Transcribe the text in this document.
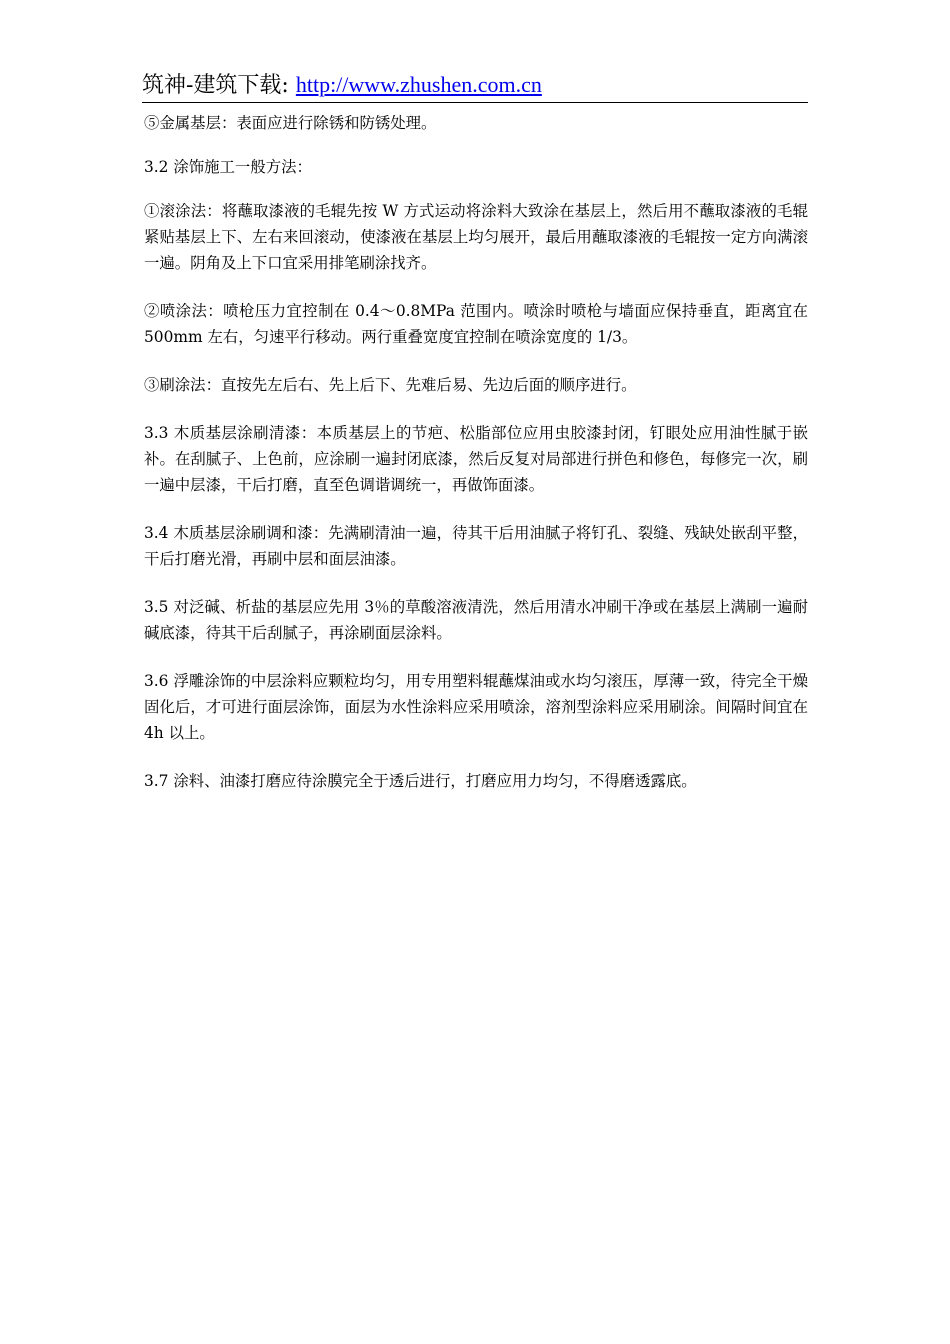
筑神-建筑下载: http://www.zhushen.com.cn

⑤金属基层：表面应进行除锈和防锈处理。

3.2 涂饰施工一般方法：

①滚涂法：将蘸取漆液的毛辊先按 W 方式运动将涂料大致涂在基层上，然后用不蘸取漆液的毛辊紧贴基层上下、左右来回滚动，使漆液在基层上均匀展开，最后用蘸取漆液的毛辊按一定方向满滚一遍。阴角及上下口宜采用排笔刷涂找齐。

②喷涂法：喷枪压力宜控制在 0.4～0.8MPa 范围内。喷涂时喷枪与墙面应保持垂直，距离宜在 500mm 左右，匀速平行移动。两行重叠宽度宜控制在喷涂宽度的 1/3。

③刷涂法：直按先左后右、先上后下、先难后易、先边后面的顺序进行。

3.3 木质基层涂刷清漆：本质基层上的节疤、松脂部位应用虫胶漆封闭，钉眼处应用油性腻于嵌补。在刮腻子、上色前，应涂刷一遍封闭底漆，然后反复对局部进行拼色和修色，每修完一次，刷一遍中层漆，干后打磨，直至色调谐调统一，再做饰面漆。

3.4 木质基层涂刷调和漆：先满刷清油一遍，待其干后用油腻子将钉孔、裂缝、残缺处嵌刮平整，干后打磨光滑，再刷中层和面层油漆。

3.5 对泛碱、析盐的基层应先用 3％的草酸溶液清洗，然后用清水冲刷干净或在基层上满刷一遍耐碱底漆，待其干后刮腻子，再涂刷面层涂料。

3.6 浮雕涂饰的中层涂料应颗粒均匀，用专用塑料辊蘸煤油或水均匀滚压，厚薄一致，待完全干燥固化后，才可进行面层涂饰，面层为水性涂料应采用喷涂，溶剂型涂料应采用刷涂。间隔时间宜在 4h 以上。

3.7 涂料、油漆打磨应待涂膜完全于透后进行，打磨应用力均匀，不得磨透露底。
